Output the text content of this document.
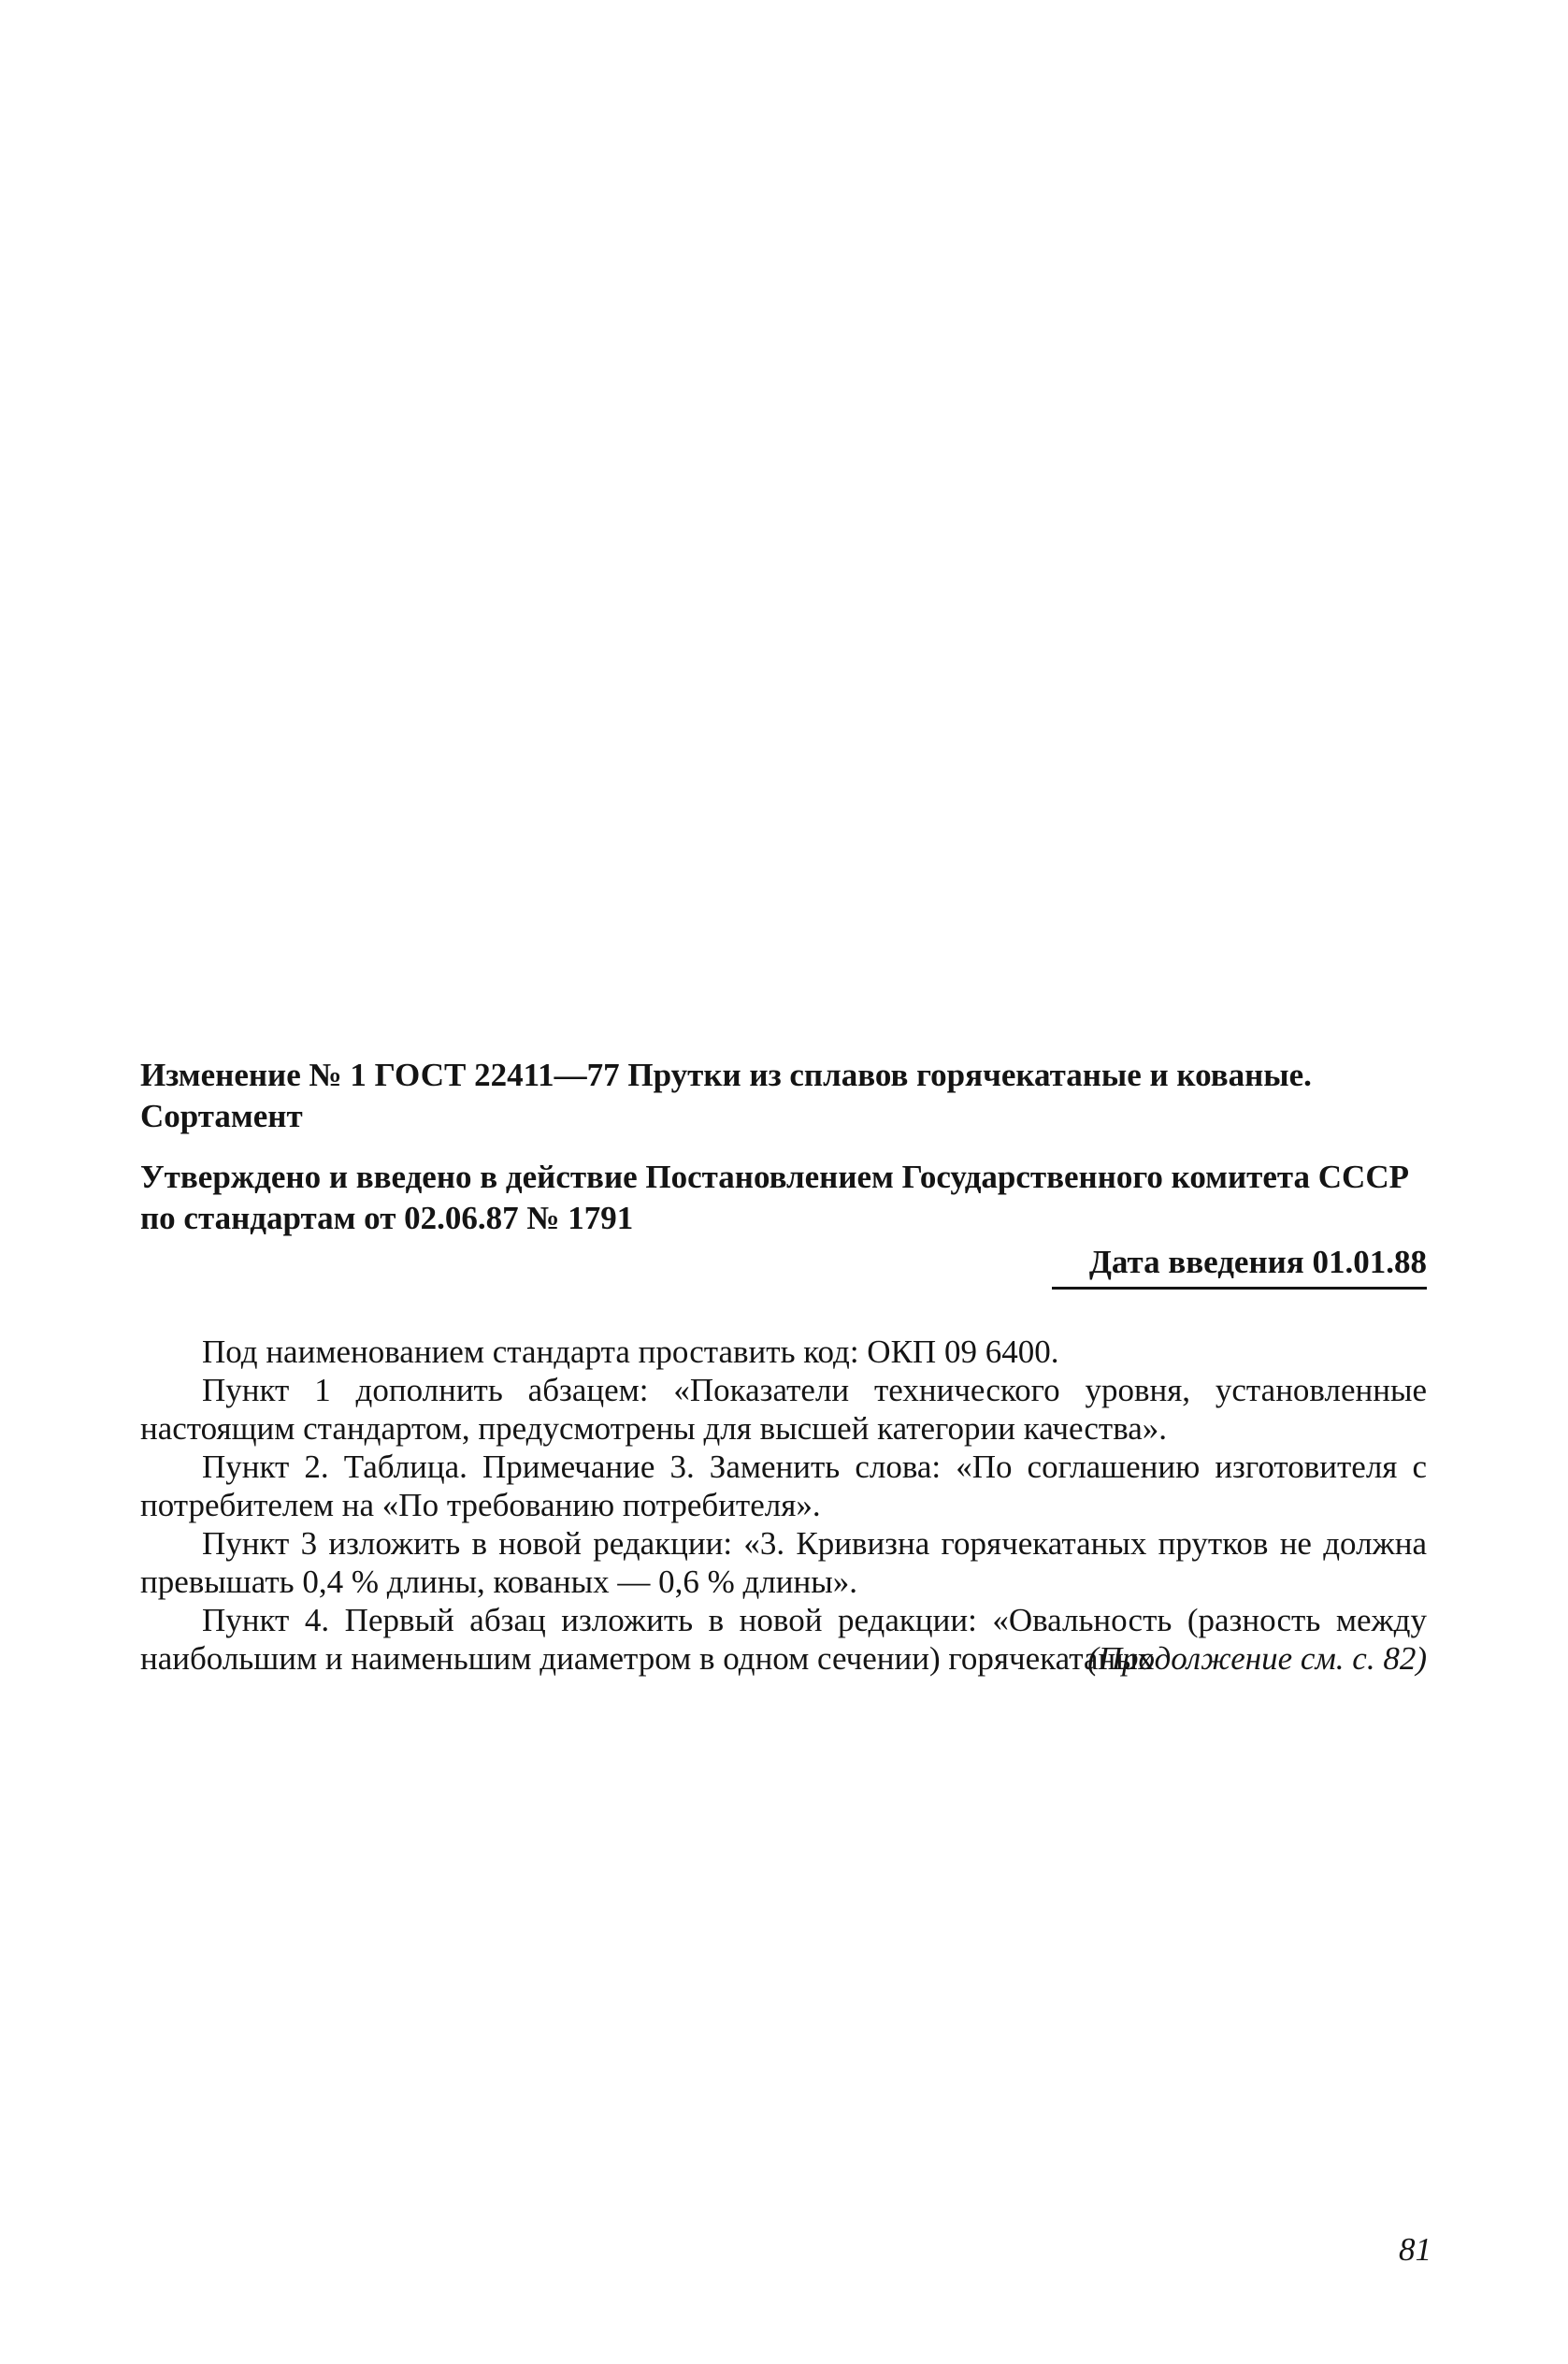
Изменение № 1 ГОСТ 22411—77 Прутки из сплавов горячекатаные и кованые. Сортамент
Утверждено и введено в действие Постановлением Государственного комитета СССР по стандартам от 02.06.87 № 1791
Дата введения 01.01.88

Под наименованием стандарта проставить код: ОКП 09 6400.

Пункт 1 дополнить абзацем: «Показатели технического уровня, установленные настоящим стандартом, предусмотрены для высшей категории качества».

Пункт 2. Таблица. Примечание 3. Заменить слова: «По соглашению изготовителя с потребителем на «По требованию потребителя».

Пункт 3 изложить в новой редакции: «3. Кривизна горячекатаных прутков не должна превышать 0,4 % длины, кованых — 0,6 % длины».

Пункт 4. Первый абзац изложить в новой редакции: «Овальность (разность между наибольшим и наименьшим диаметром в одном сечении) горячекатаных

(Продолжение см. с. 82)
81
